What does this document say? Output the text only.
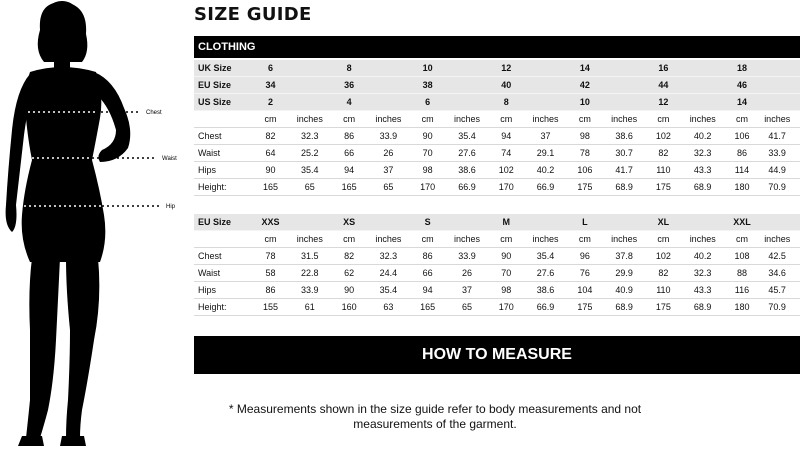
Chest
Waist
Hip
SIZE GUIDE
CLOTHING
UK Size	6		8		10		12		14		16		18	
EU Size	34		36		38		40		42		44		46	
US Size	2		4		6		8		10		12		14	
	cm	inches	cm	inches	cm	inches	cm	inches	cm	inches	cm	inches	cm	inches
Chest	82	32.3	86	33.9	90	35.4	94	37	98	38.6	102	40.2	106	41.7
Waist	64	25.2	66	26	70	27.6	74	29.1	78	30.7	82	32.3	86	33.9
Hips	90	35.4	94	37	98	38.6	102	40.2	106	41.7	110	43.3	114	44.9
Height:	165	65	165	65	170	66.9	170	66.9	175	68.9	175	68.9	180	70.9
EU Size	XXS		XS		S		M		L		XL		XXL	
	cm	inches	cm	inches	cm	inches	cm	inches	cm	inches	cm	inches	cm	inches
Chest	78	31.5	82	32.3	86	33.9	90	35.4	96	37.8	102	40.2	108	42.5
Waist	58	22.8	62	24.4	66	26	70	27.6	76	29.9	82	32.3	88	34.6
Hips	86	33.9	90	35.4	94	37	98	38.6	104	40.9	110	43.3	116	45.7
Height:	155	61	160	63	165	65	170	66.9	175	68.9	175	68.9	180	70.9
HOW TO MEASURE
* Measurements shown in the size guide refer to body measurements and not
measurements of the garment.
